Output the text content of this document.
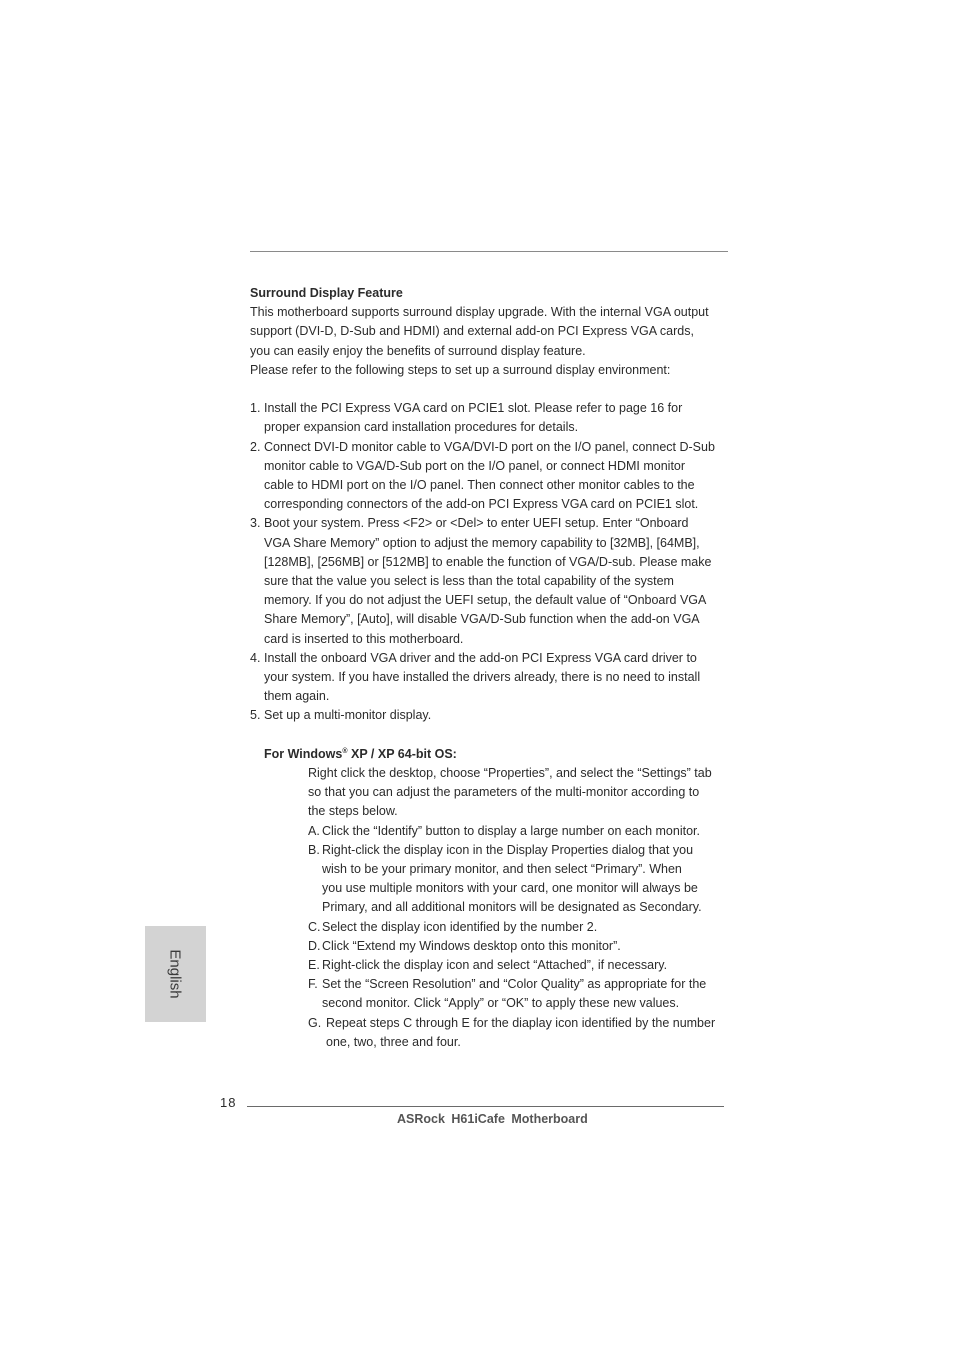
Surround Display Feature

This motherboard supports surround display upgrade. With the internal VGA output

support (DVI-D, D-Sub and HDMI) and external add-on PCI Express VGA cards,

you can easily enjoy the benefits of surround display feature.

Please refer to the following steps to set up a surround display environment:

1. Install the PCI Express VGA card on PCIE1 slot. Please refer to page 16 for

proper expansion card installation procedures for details.

2. Connect DVI-D monitor cable to VGA/DVI-D port on the I/O panel, connect D-Sub

monitor cable to VGA/D-Sub port on the I/O panel, or connect HDMI monitor

cable to HDMI port on the I/O panel. Then connect other monitor cables to the

corresponding connectors of the add-on PCI Express VGA card on PCIE1 slot.

3. Boot your system. Press <F2> or <Del> to enter UEFI setup. Enter “Onboard

VGA Share Memory” option to adjust the memory capability to [32MB], [64MB],

[128MB], [256MB] or [512MB] to enable the function of VGA/D-sub. Please make

sure that the value you select is less than the total capability of the system

memory. If you do not adjust the UEFI setup, the default value of “Onboard VGA

Share Memory”, [Auto], will disable VGA/D-Sub function when the add-on VGA

card is inserted to this motherboard.

4. Install the onboard VGA driver and the add-on PCI Express VGA card driver to

your system. If you have installed the drivers already, there is no need to install

them again.

5. Set up a multi-monitor display.

For Windows® XP / XP 64-bit OS:

Right click the desktop, choose “Properties”, and select the “Settings” tab

so that you can adjust the parameters of the multi-monitor according to

the steps below.

A. Click the “Identify” button to display a large number on each monitor.

B. Right-click the display icon in the Display Properties dialog that you

wish to be your primary monitor, and then select “Primary”. When

you use multiple monitors with your card, one monitor will always be

Primary, and all additional monitors will be designated as Secondary.

C. Select the display icon identified by the number 2.

D. Click “Extend my Windows desktop onto this monitor”.

E. Right-click the display icon and select “Attached”, if necessary.

F. Set the “Screen Resolution” and “Color Quality” as appropriate for the

second monitor. Click “Apply” or “OK” to apply these new values.

G. Repeat steps C through E for the diaplay icon identified by the number

one, two, three and four.

English
18
ASRock H61iCafe Motherboard
